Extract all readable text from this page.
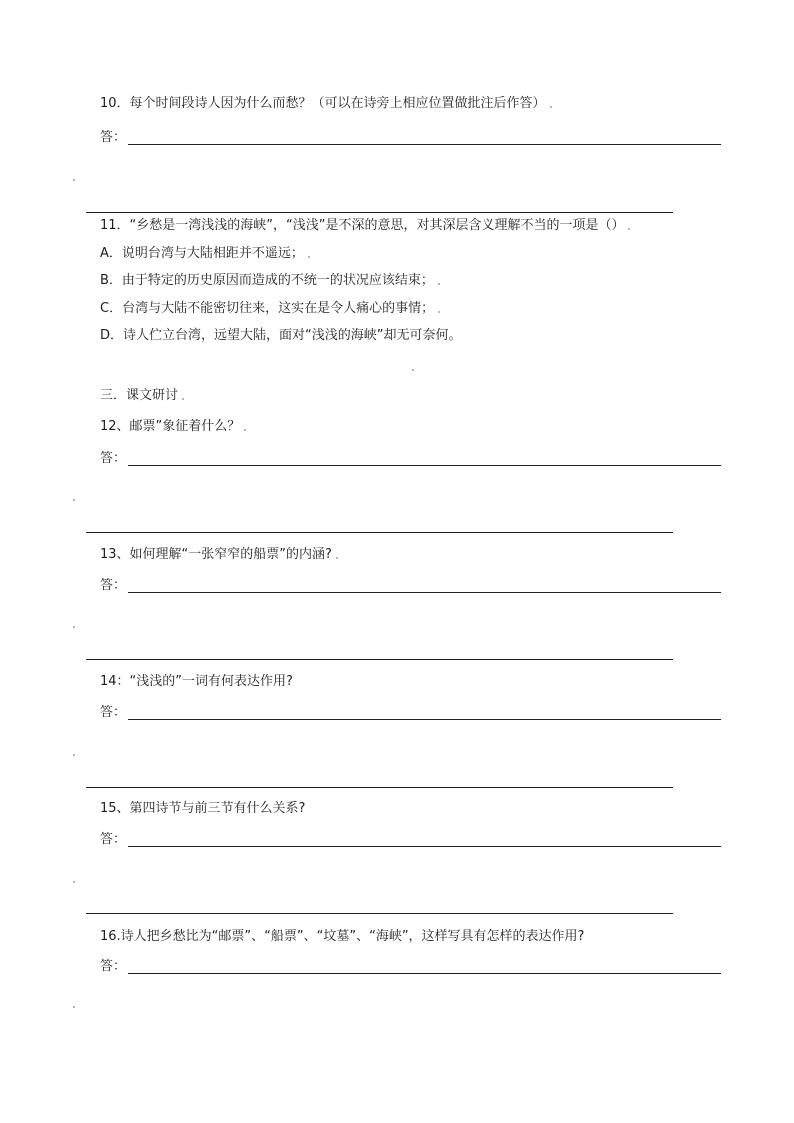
10．每个时间段诗人因为什么而愁？（可以在诗旁上相应位置做批注后作答）
答：
11．“乡愁是一湾浅浅的海峡”，“浅浅”是不深的意思，对其深层含义理解不当的一项是（）
A．说明台湾与大陆相距并不遥远；
B．由于特定的历史原因而造成的不统一的状况应该结束；
C．台湾与大陆不能密切往来，这实在是令人痛心的事情；
D．诗人伫立台湾，远望大陆，面对“浅浅的海峡”却无可奈何。
三．课文研讨
12、邮票”象征着什么？
答：
13、如何理解“一张窄窄的船票”的内涵?
答：
14：“浅浅的”一词有何表达作用?
答：
15、第四诗节与前三节有什么关系?
答：
16.诗人把乡愁比为“邮票”、“船票”、“坟墓”、“海峡”，这样写具有怎样的表达作用?
答：
